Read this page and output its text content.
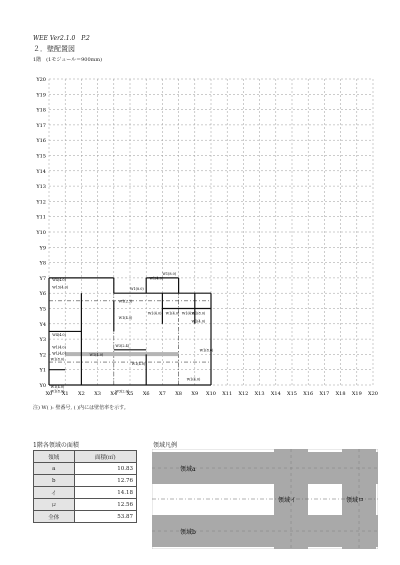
WEE Ver2.1.0　P.2
２．壁配置図
1階　(1モジュール＝900mm)
Y0
Y1
Y2
Y3
Y4
Y5
Y6
Y7
Y8
Y9
Y10
Y11
Y12
Y13
Y14
Y15
Y16
Y17
Y18
Y19
Y20
X0 X1 X2 X3 X4 X5 X6 X7 X8 X9 X10 X11 X12 X13 X14 X15 X16 X17 X18 X19 X20
W1(8.0)
W4(4.0)
W15(4.0)
W4(4.0)
W1(4.0)
W1(4.0)
W3(2.4)
W3(2.0)
W1(4.0)
W1(2.5)
W1(8.0)
W1(4.0)
W1(8.0)
W1(4.0) W1(4.0) W1(4.0)
W1(8.0)
W1(4.0)
W1(4.0)
W1(4.0)
W1(8.0)
W1(4.0)
W1(4.0)
W1(8.0)
注) W( ): 壁番号, ( )内には壁倍率を示す。
1階各領域の面積
領域	面積(㎡)
a	10.83
b	12.76
イ	14.18
ロ	12.56
全体	53.87
領域凡例
領域a
領域b
領域イ	領域ロ
